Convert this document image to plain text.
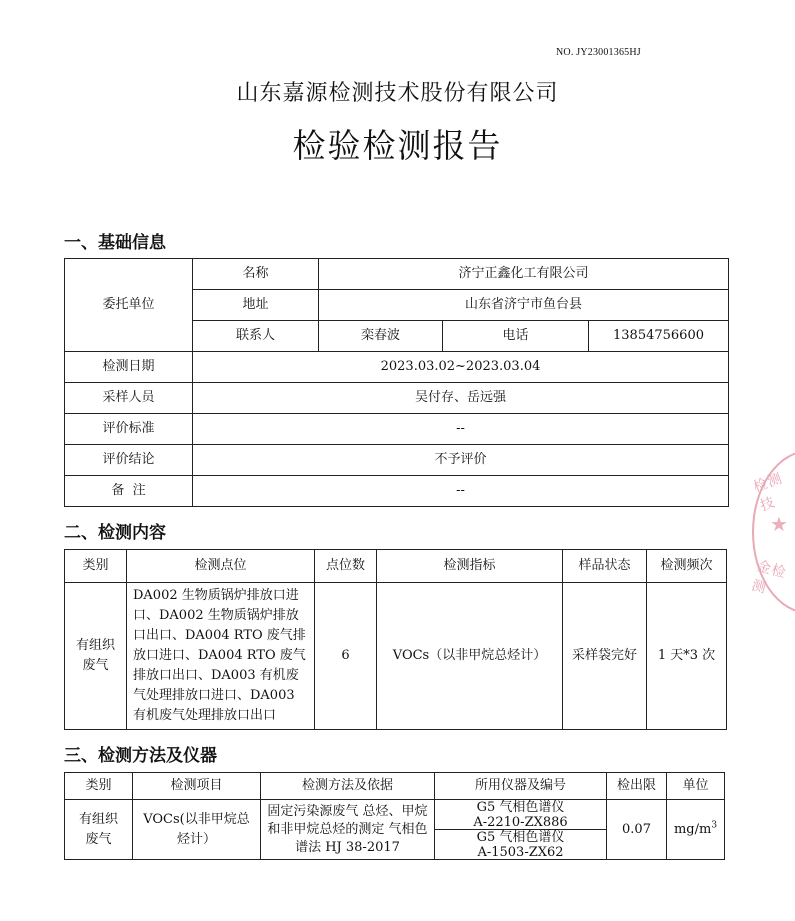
NO. JY23001365HJ
山东嘉源检测技术股份有限公司
检验检测报告
一、基础信息
委托单位	名称	济宁正鑫化工有限公司		
	地址	山东省济宁市鱼台县		
	联系人	栾春波	电话	13854756600
检测日期	2023.03.02~2023.03.04			
采样人员	吴付存、岳远强			
评价标准	--			
评价结论	不予评价			
备  注	--			
二、检测内容
类别	检测点位	点位数	检测指标	样品状态	检测频次
有组织废气	DA002 生物质锅炉排放口进口、DA002 生物质锅炉排放口出口、DA004 RTO 废气排放口进口、DA004 RTO 废气排放口出口、DA003 有机废气处理排放口进口、DA003 有机废气处理排放口出口	6	VOCs（以非甲烷总烃计）	采样袋完好	1 天*3 次
三、检测方法及仪器
类别	检测项目	检测方法及依据	所用仪器及编号	检出限	单位
有组织废气	VOCs(以非甲烷总烃计）	固定污染源废气 总烃、甲烷和非甲烷总烃的测定 气相色谱法 HJ 38-2017	G5 气相色谱仪
A-2210-ZX886
G5 气相色谱仪
A-1503-ZX62	0.07	$mg/m^3$
检测技
★
金检测
